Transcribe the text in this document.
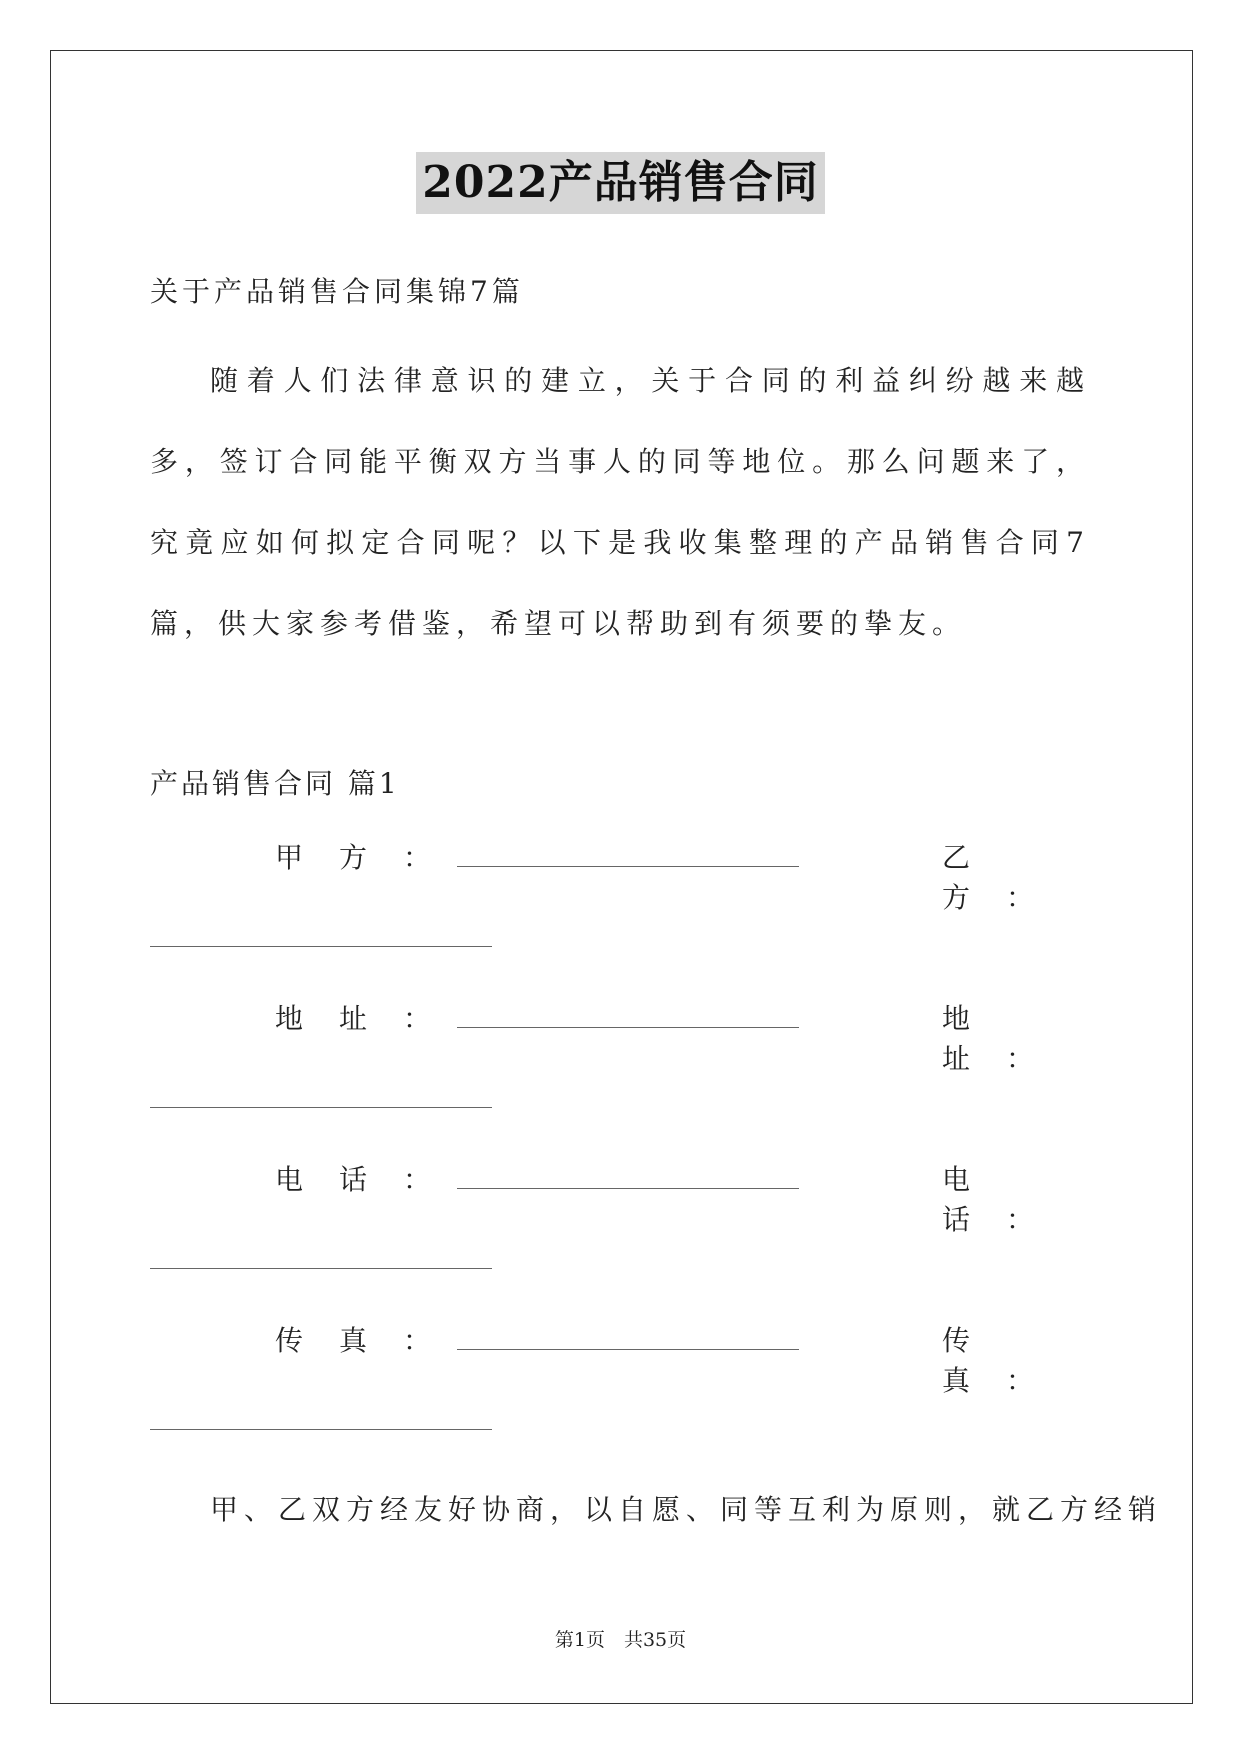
2022产品销售合同
关于产品销售合同集锦7篇
随着人们法律意识的建立，关于合同的利益纠纷越来越多，签订合同能平衡双方当事人的同等地位。那么问题来了，究竟应如何拟定合同呢？以下是我收集整理的产品销售合同7篇，供大家参考借鉴，希望可以帮助到有须要的挚友。
产品销售合同 篇1
甲方：	乙方：
地址：	地址：
电话：	电话：
传真：	传真：
甲、乙双方经友好协商，以自愿、同等互利为原则，就乙方经销
第1页　共35页
